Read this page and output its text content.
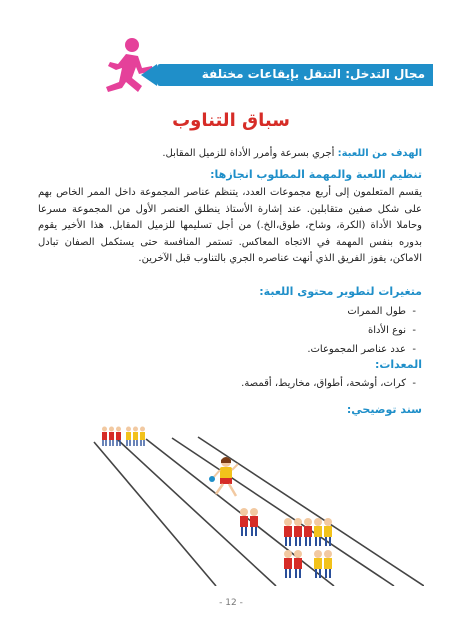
مجال التدخل: التنقل بإيقاعات مختلفة
سباق التناوب
الهدف من اللعبة: أجري بسرعة وأمرر الأداة للزميل المقابل.
تنظيم اللعبة والمهمة المطلوب انجازها:
يقسم المتعلمون إلى أربع مجموعات العدد، يتنظم عناصر المجموعة داخل الممر الخاص بهم على شكل صفين متقابلين. عند إشارة الأستاذ ينطلق العنصر الأول من المجموعة مسرعا وحاملا الأداة (الكرة، وشاح، طوق،الخ.) من أجل تسليمها للزميل المقابل. هذا الأخير يقوم بدوره بنفس المهمة في الاتجاه المعاكس. تستمر المنافسة حتى يستكمل الصفان تبادل الاماكن، يفوز الفريق الذي أنهت عناصره الجري بالتناوب قبل الآخرين.
متغيرات لتطوير محتوى اللعبة:
- طول الممرات
- نوع الأداة
- عدد عناصر المجموعات.
المعدات:
- كرات، أوشحة، أطواق، مخاريط، أقمصة.
سند توضيحي:
- 12 -
